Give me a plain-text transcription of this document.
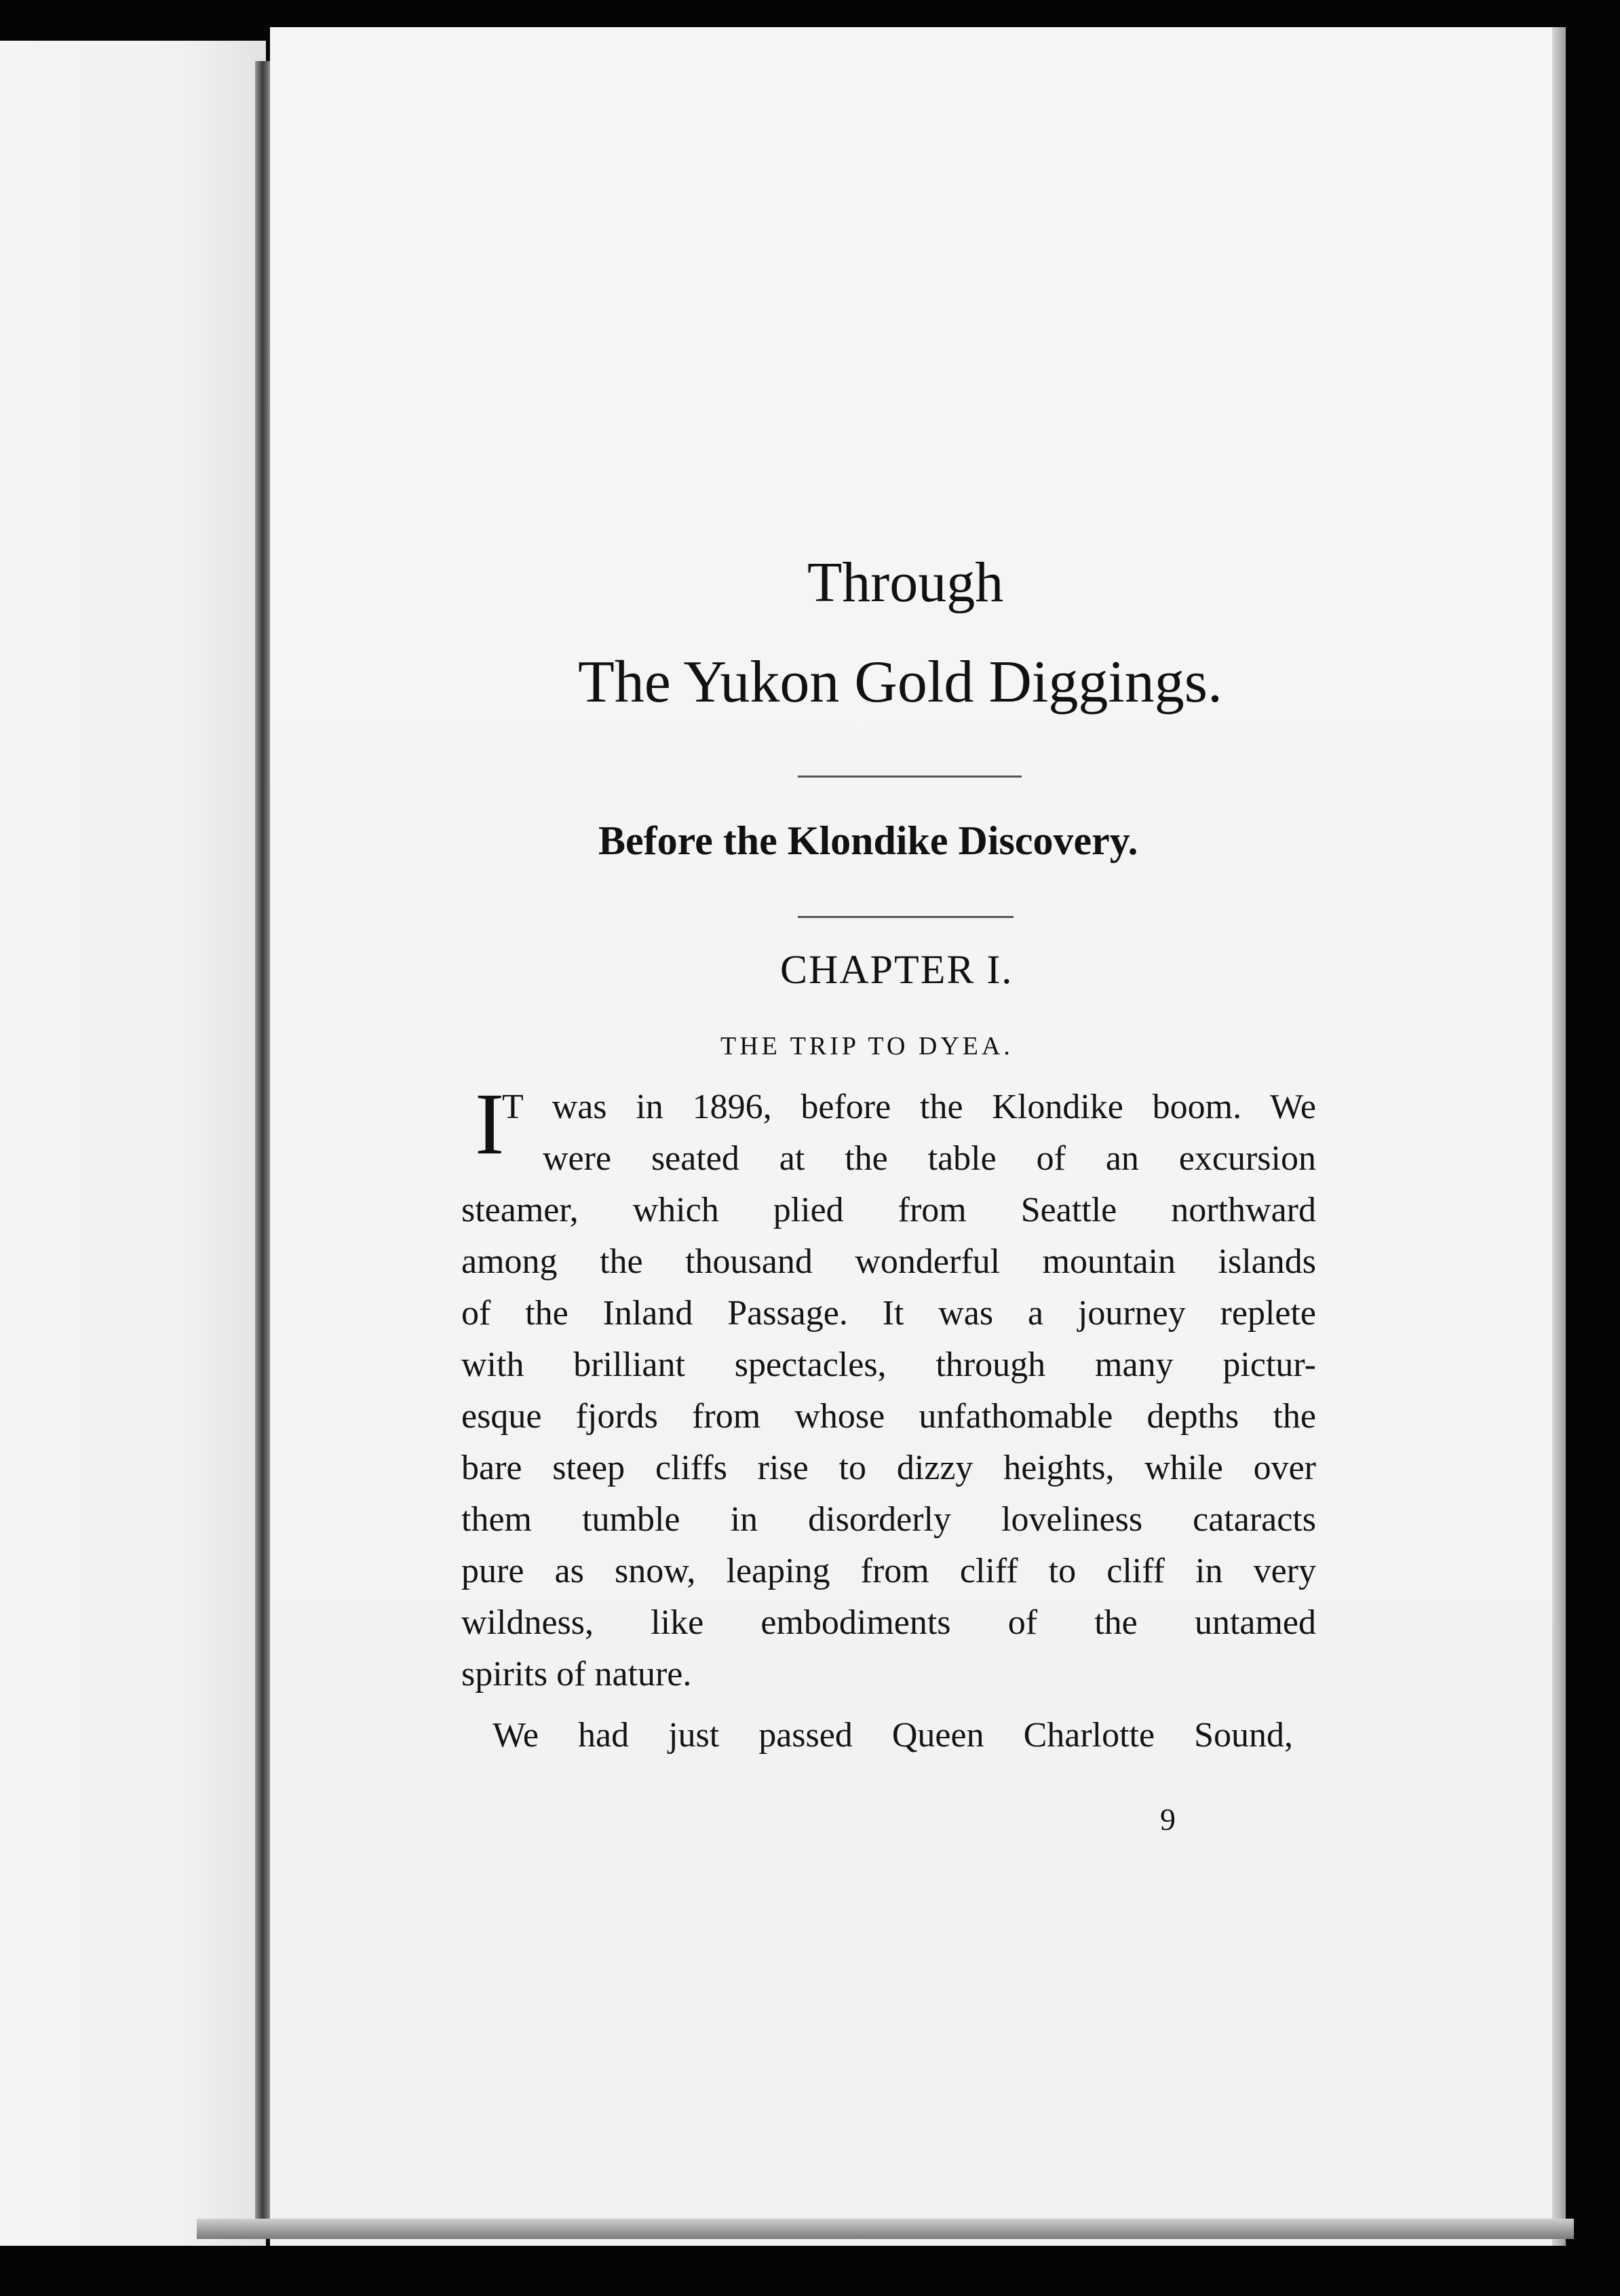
Through
The Yukon Gold Diggings.
Before the Klondike Discovery.
CHAPTER I.
THE TRIP TO DYEA.
I
T was in 1896, before the Klondike boom. We
were seated at the table of an excursion
steamer, which plied from Seattle northward
among the thousand wonderful mountain islands
of the Inland Passage. It was a journey replete
with brilliant spectacles, through many pictur-
esque fjords from whose unfathomable depths the
bare steep cliffs rise to dizzy heights, while over
them tumble in disorderly loveliness cataracts
pure as snow, leaping from cliff to cliff in very
wildness, like embodiments of the untamed
spirits of nature.
We had just passed Queen Charlotte Sound,
9
